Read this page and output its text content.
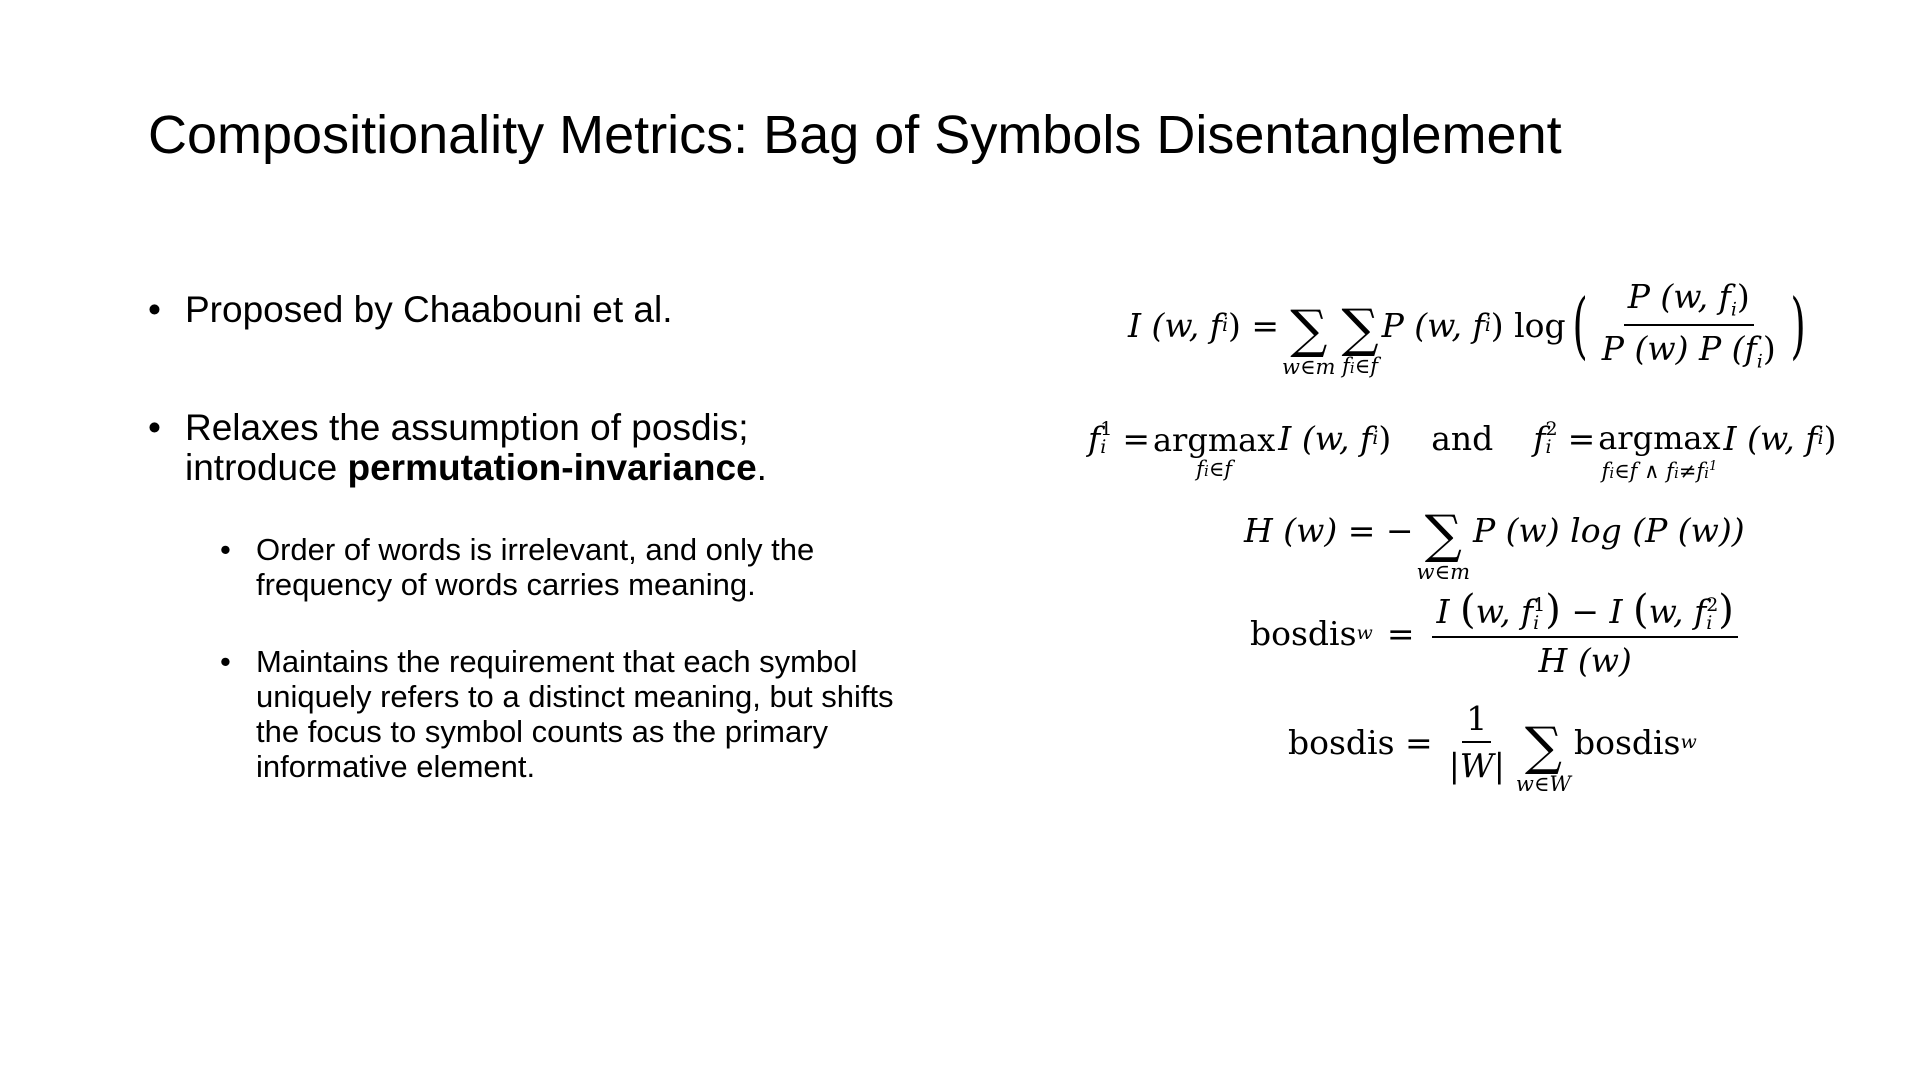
Compositionality Metrics: Bag of Symbols Disentanglement
• Proposed by Chaabouni et al.
• Relaxes the assumption of posdis;
introduce permutation-invariance.
• Order of words is irrelevant, and only the
frequency of words carries meaning.
• Maintains the requirement that each symbol
uniquely refers to a distinct meaning, but shifts
the focus to symbol counts as the primary
informative element.
I (w, f i ) = ∑
w∈m
∑
fi∈f
P (w, f i ) log ( $\frac{P (w, f_i)}{P (w) P (f_i)}$ )
f 1
i = argmax
fi∈f
I (w, f i ) and f 2
i = argmax
fi∈f ∧ $fi\ne fi^1$
I (w, f i )
H (w) = − ∑
w∈m
P (w) log (P (w))
bosdis w = I (w, f 1
i ) − I (w, f 2
i )
H (w)
bosdis = $\frac{1}{|W|}$ ∑
w∈W
bosdis w
